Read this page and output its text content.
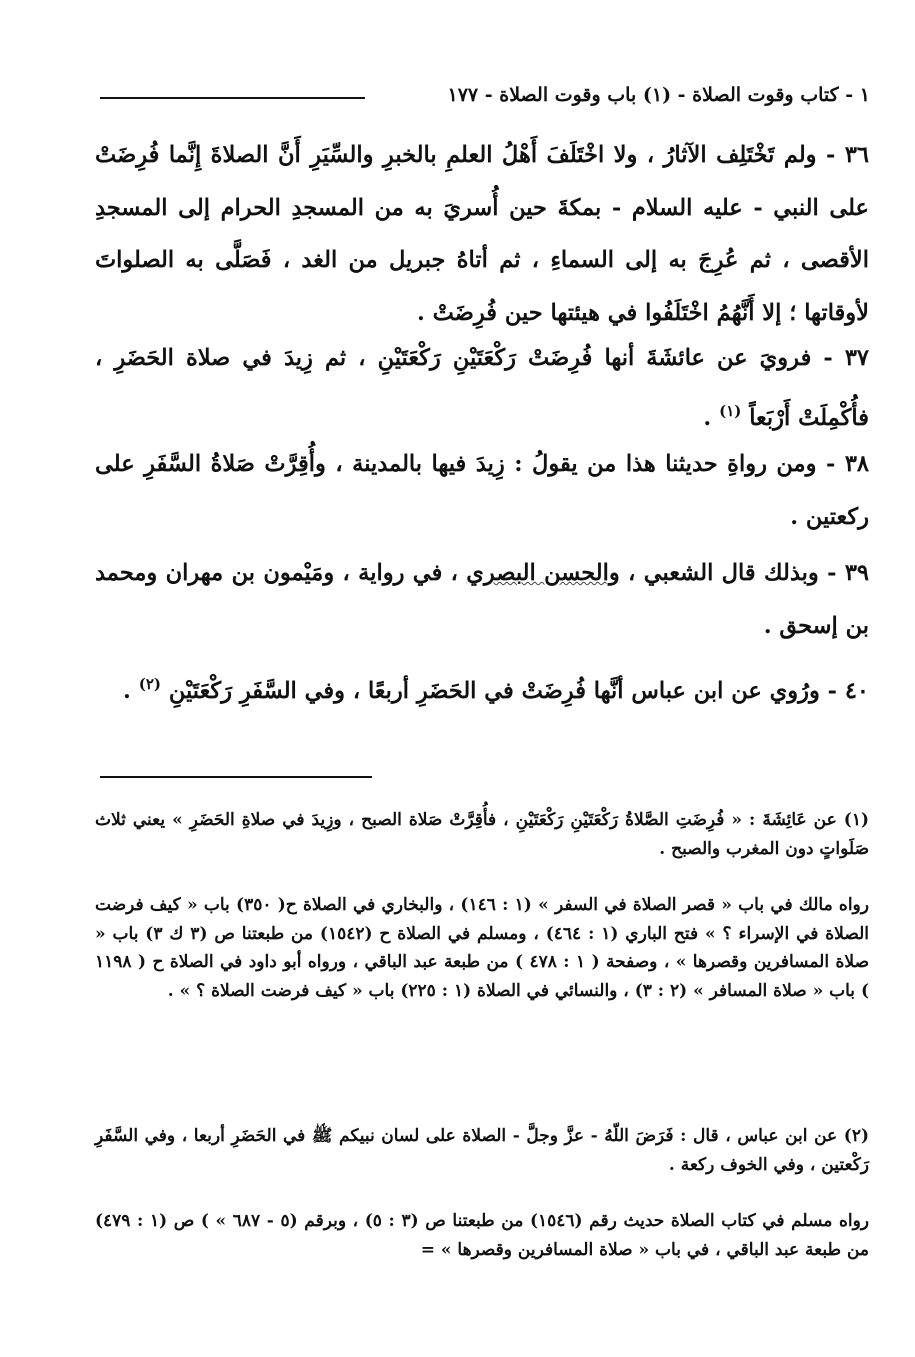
١ - كتاب وقوت الصلاة - (١) باب وقوت الصلاة - ١٧٧

٣٦ - ولم تَخْتَلِف الآثارُ ، ولا اخْتَلَفَ أَهْلُ العلمِ بالخبرِ والسِّيَرِ أَنَّ الصلاةَ إِنَّما فُرِضَتْ على النبي - عليه السلام - بمكةَ حين أُسريَ به من المسجدِ الحرام إلى المسجدِ الأقصى ، ثم عُرِجَ به إلى السماءِ ، ثم أتاهُ جبريل من الغد ، فَصَلَّى به الصلواتَ لأوقاتها ؛ إلا أَنَّهُمُ اخْتَلَفُوا في هيئتها حين فُرِضَتْ .

٣٧ - فرويَ عن عائشَةَ أنها فُرِضَتْ رَكْعَتَيْنِ رَكْعَتَيْنِ ، ثم زِيدَ في صلاة الحَضَرِ ، فأُكْمِلَتْ أَرْبَعاً $^{(١)}$ .

٣٨ - ومن رواةِ حديثنا هذا من يقولُ : زِيدَ فيها بالمدينة ، وأُقِرَّتْ صَلاةُ السَّفَرِ على ركعتين .

٣٩ - وبذلك قال الشعبي ، والحسن البصري ، في رواية ، ومَيْمون بن مهران ومحمد بن إسحق .

٤٠ - ورُوي عن ابن عباس أنَّها فُرِضَتْ في الحَضَرِ أربعًا ، وفي السَّفَرِ رَكْعَتَيْنِ $^{(٢)}$ .

(١) عن عَائِشَةَ : « فُرِضَتِ الصَّلاةُ رَكْعَتَيْنِ رَكْعَتَيْنِ ، فأُقِرَّتْ صَلاة الصبح ، وزِيدَ في صلاةِ الحَضَرِ » يعني ثلاث صَلَواتٍ دون المغرب والصبح .

رواه مالك في باب « قصر الصلاة في السفر » (١ : ١٤٦) ، والبخاري في الصلاة ح( ٣٥٠) باب « كيف فرضت الصلاة في الإسراء ؟ » فتح الباري (١ : ٤٦٤) ، ومسلم في الصلاة ح (١٥٤٢) من طبعتنا ص (٣ ك ٣) باب « صلاة المسافرين وقصرها » ، وصفحة ( ١ : ٤٧٨ ) من طبعة عبد الباقي ، ورواه أبو داود في الصلاة ح ( ١١٩٨ ) باب « صلاة المسافر » (٢ : ٣) ، والنسائي في الصلاة (١ : ٢٢٥) باب « كيف فرضت الصلاة ؟ » .

(٢) عن ابن عباس ، قال : فَرَضَ اللّهُ - عزَّ وجلَّ - الصلاة على لسان نبيكم ﷺ في الحَضَرِ أربعا ، وفي السَّفَرِ رَكْعتين ، وفي الخوف ركعة .

رواه مسلم في كتاب الصلاة حديث رقم (١٥٤٦) من طبعتنا ص (٣ : ٥) ، وبرقم (٥ - ٦٨٧ » ) ص (١ : ٤٧٩) من طبعة عبد الباقي ، في باب « صلاة المسافرين وقصرها » =
